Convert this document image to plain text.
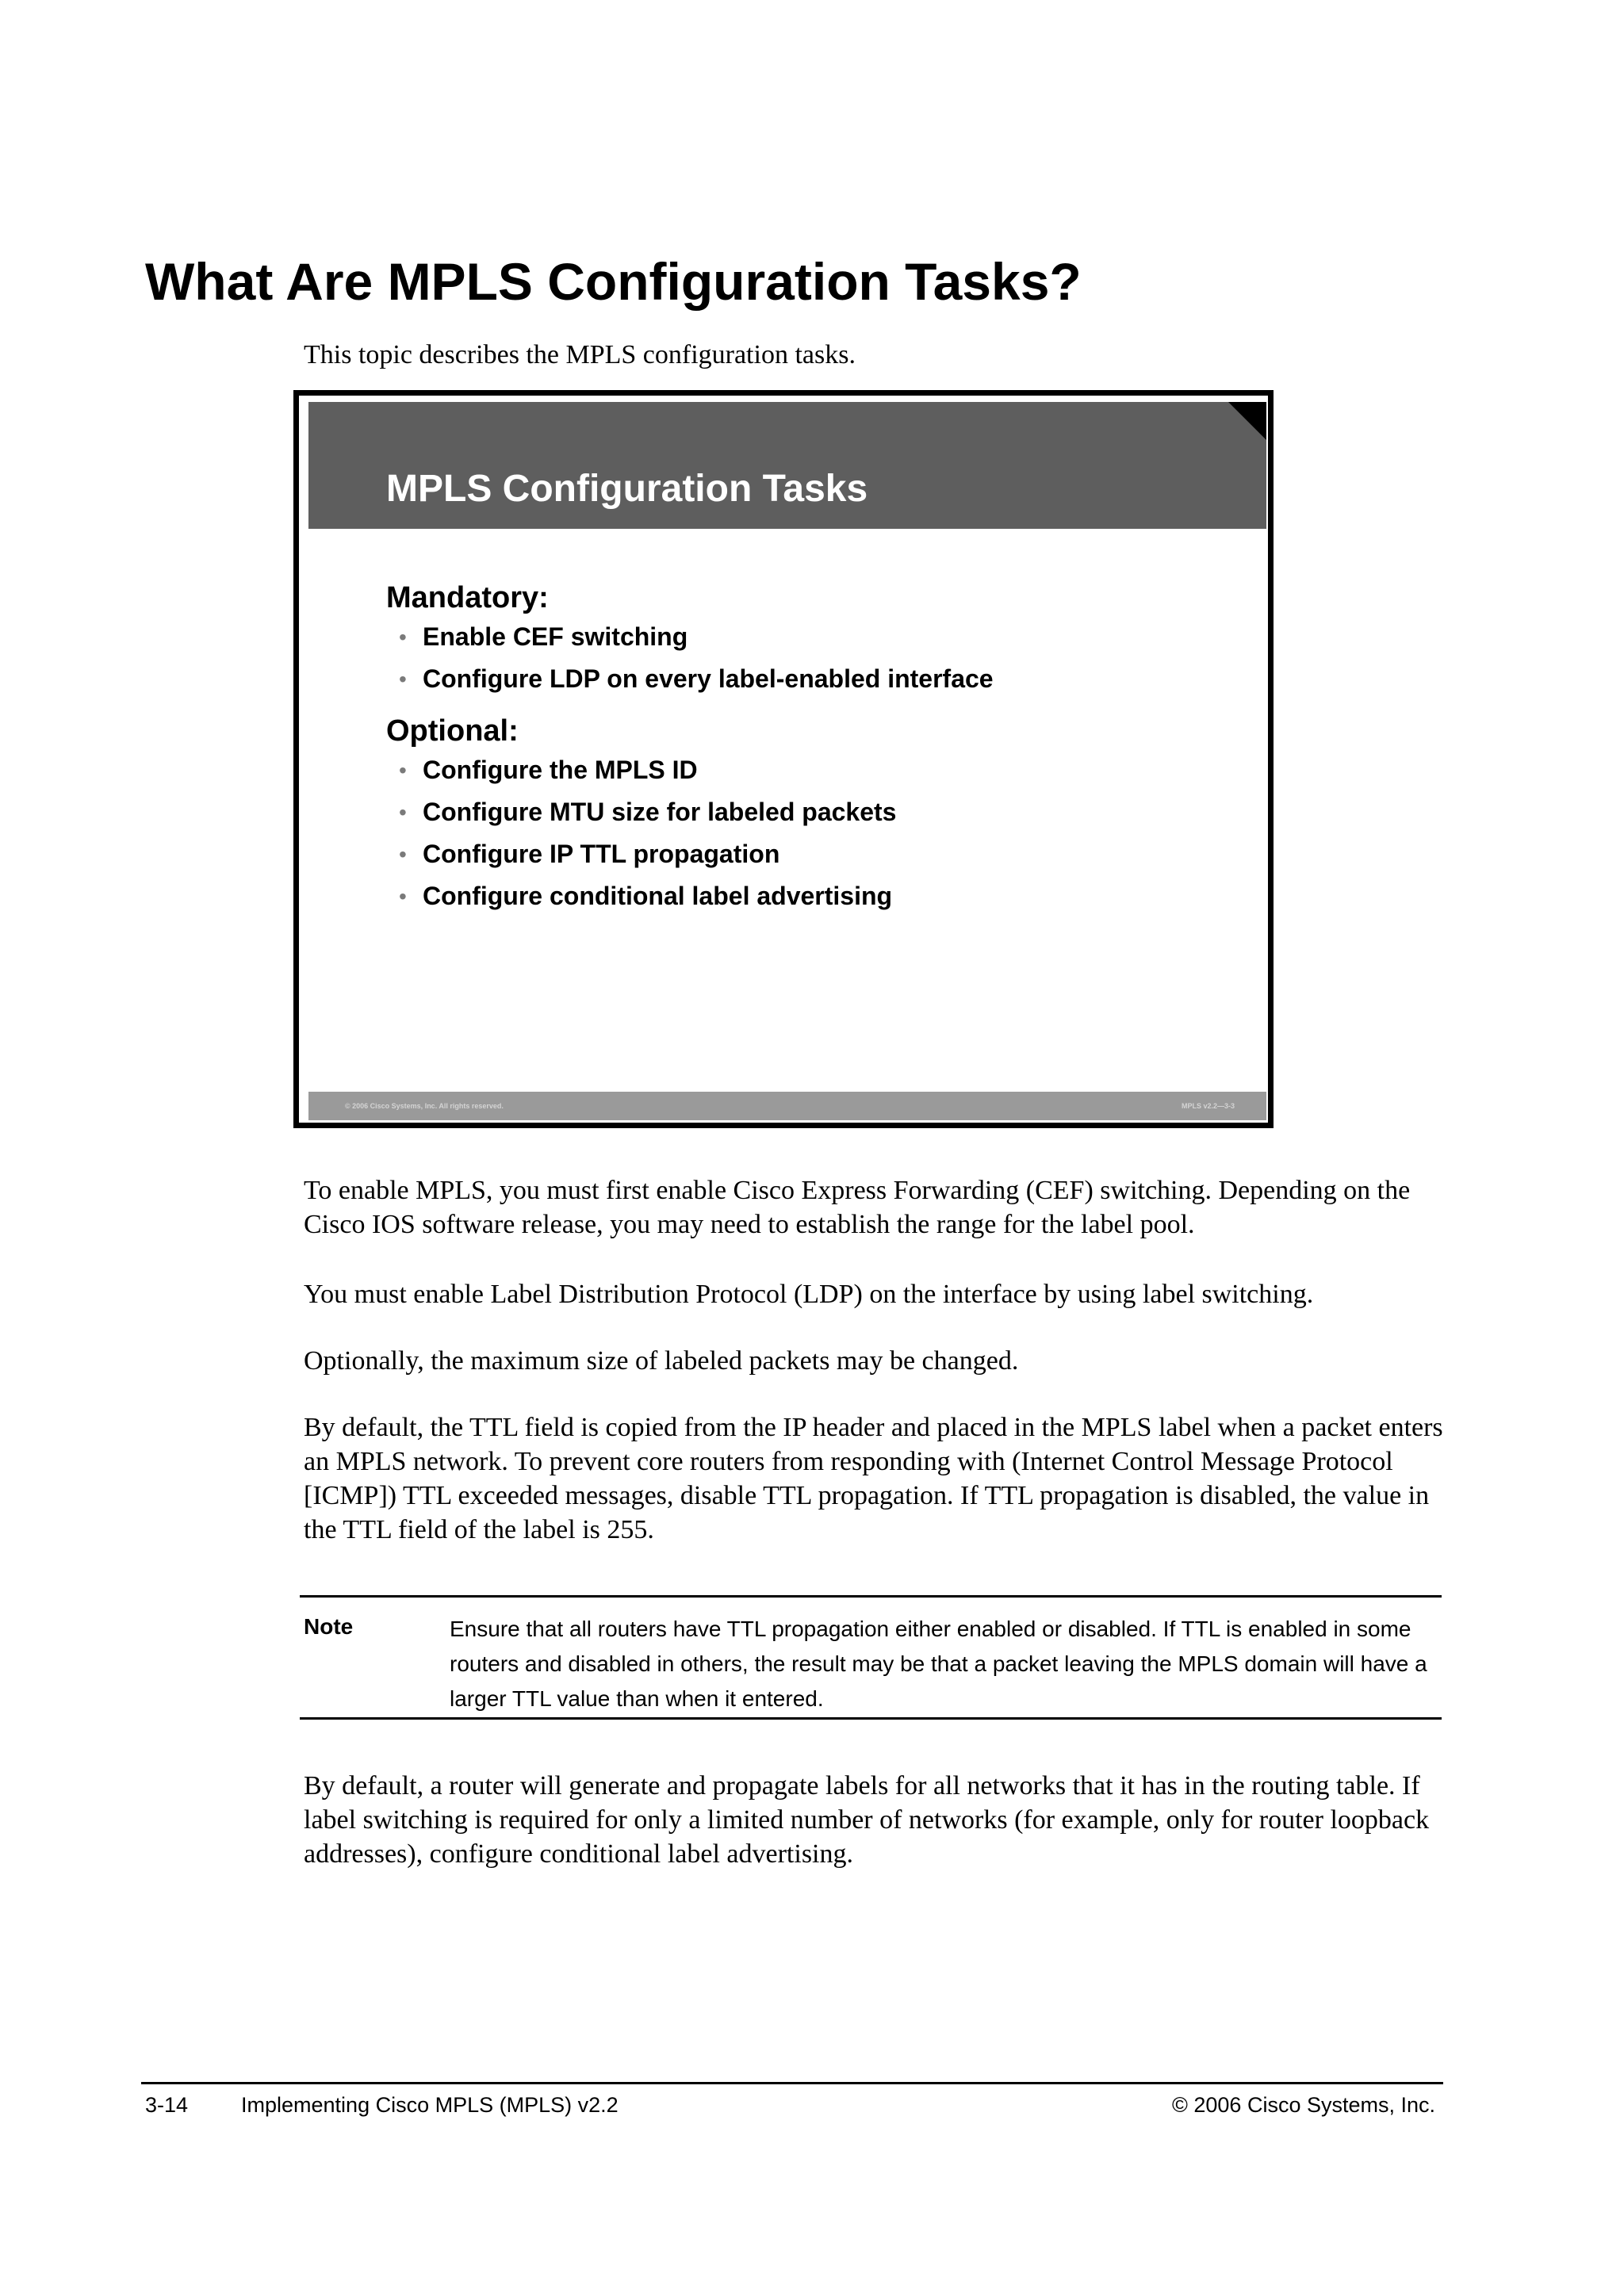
What Are MPLS Configuration Tasks?

This topic describes the MPLS configuration tasks.

MPLS Configuration Tasks
Mandatory:
• Enable CEF switching
• Configure LDP on every label-enabled interface
Optional:
• Configure the MPLS ID
• Configure MTU size for labeled packets
• Configure IP TTL propagation
• Configure conditional label advertising
© 2006 Cisco Systems, Inc. All rights reserved.	MPLS v2.2—3-3

To enable MPLS, you must first enable Cisco Express Forwarding (CEF) switching. Depending on the Cisco IOS software release, you may need to establish the range for the label pool.

You must enable Label Distribution Protocol (LDP) on the interface by using label switching.

Optionally, the maximum size of labeled packets may be changed.

By default, the TTL field is copied from the IP header and placed in the MPLS label when a packet enters an MPLS network. To prevent core routers from responding with (Internet Control Message Protocol [ICMP]) TTL exceeded messages, disable TTL propagation. If TTL propagation is disabled, the value in the TTL field of the label is 255.

Note	Ensure that all routers have TTL propagation either enabled or disabled. If TTL is enabled in some routers and disabled in others, the result may be that a packet leaving the MPLS domain will have a larger TTL value than when it entered.

By default, a router will generate and propagate labels for all networks that it has in the routing table. If label switching is required for only a limited number of networks (for example, only for router loopback addresses), configure conditional label advertising.

3-14 Implementing Cisco MPLS (MPLS) v2.2	© 2006 Cisco Systems, Inc.
